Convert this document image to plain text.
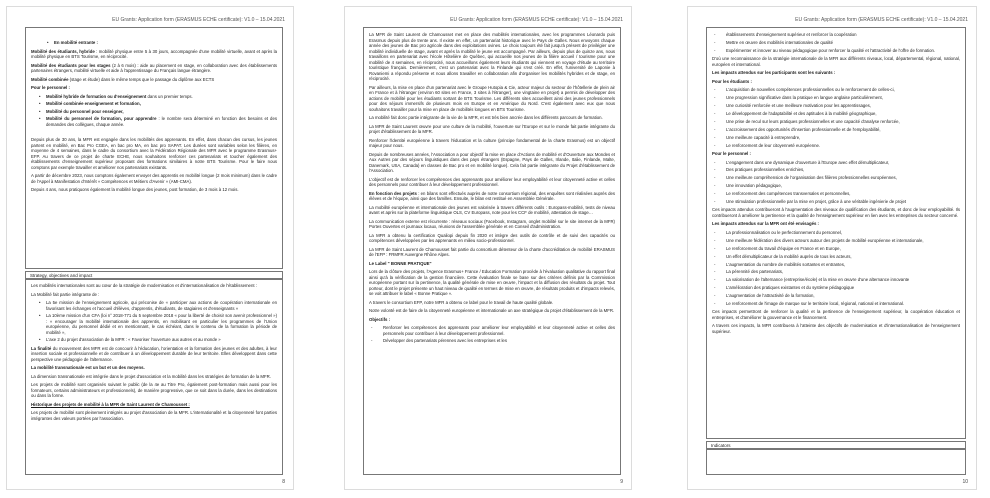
EU Grants: Application form (ERASMUS ECHE certificate): V1.0 – 15.04.2021
• En mobilité entrante :

Mobilité des étudiants, hybride : mobilité physique entre 5 à 30 jours, accompagnée d'une mobilité virtuelle, avant et après la mobilité physique en BTS Tourisme, en réciprocité.

Mobilité des étudiants pour les stages (2 à 6 mois) : aide au placement en stage, en collaboration avec des établissements partenaires étrangers, mobilité virtuelle et aide à l'apprentissage du Français langue étrangère.

Mobilité combinée (stage et étude) dans le même temps que le passage du diplôme aux ECTS

Pour le personnel :

• Mobilité hybride de formation ou d'enseignement dans un premier temps.
• Mobilité combinée enseignement et formation,
• Mobilité du personnel pour enseigner,
• Mobilité du personnel de formation, pour apprendre : le nombre sera déterminé en fonction des besoins et des demandes des collègues, chaque année.

Depuis plus de 30 ans, la MFR est engagée dans les mobilités des apprenants. En effet, dans chacun des cursus, les jeunes partent en mobilité, en Bac Pro CGEA, en bac pro MA, en bac pro SAPAT. Les durées sont variables selon les filières, en moyenne de 4 semaines, dans le cadre du consortium avec la Fédération Régionale des MFR avec le programme Erasmus+ EFP. Au travers de ce projet de charte ECHE, nous souhaitons renforcer ces partenariats et toucher également des établissements d'enseignement supérieur proposant des formations similaires à notre BTS Tourisme. Pour le faire nous comptons par exemple travailler et améliorer nos partenariats existants.

A partir de décembre 2023, nous comptons également envoyer des apprentis en mobilité longue (2 mois minimum) dans le cadre de l'Appel à Manifestation d'Intérêt « Compétences et Métiers d'Avenir » (AMI-CMA).

Depuis 4 ans, nous pratiquons également la mobilité longue des jeunes, post formation, de 3 mois à 12 mois.

Strategy, objectives and impact

Les mobilités internationales sont au cœur de la stratégie de modernisation et d'internationalisation de l'établissement :

La Mobilité fait partie intégrante de :

• La 5e mission de l'enseignement agricole, qui préconise de « participer aux actions de coopération internationale en favorisant les échanges et l'accueil d'élèves, d'apprentis, d'étudiants, de stagiaires et d'enseignants »
• La 10ème mission d'un CFA (loi n° 2018-771 du 5 septembre 2018 « pour la liberté de choisir son avenir professionnel ») : « encourager la mobilité internationale des apprentis, en mobilisant en particulier les programmes de l'Union européenne, du personnel dédié et en mentionnant, le cas échéant, dans le contenu de la formation la période de mobilité »,
• L'axe 2 du projet d'association de la MFR : « Favoriser l'ouverture aux autres et au monde »

La finalité du mouvement des MFR est de concourir à l'éducation, l'orientation et la formation des jeunes et des adultes, à leur insertion sociale et professionnelle et de contribuer à un développement durable de leur territoire. Elles développent dans cette perspective une pédagogie de l'alternance.

La mobilité transnationale est un but et un des moyens.

La dimension transnationale est intégrée dans le projet d'association et la mobilité dans les stratégies de formation de la MFR.

Les projets de mobilité sont organisés suivant le public (de la 4e au Titre Pro, également post-formation mais aussi pour les formateurs, certains administrateurs et professionnels), de manière progressive, que ce soit dans la durée, dans les destinations ou dans la forme.

Historique des projets de mobilité à la MFR de Saint Laurent de Chamousset :

Les projets de mobilité sont pleinement intégrés au projet d'association de la MFR. L'internationalité et la citoyenneté font parties intégrantes des valeurs portées par l'association.

8
EU Grants: Application form (ERASMUS ECHE certificate): V1.0 – 15.04.2021

La MFR de Saint Laurent de Chamousset met en place des mobilités internationales, avec les programmes Léonardo puis Erasmus depuis plus de trente ans. Il existe en effet, un partenariat historique avec le Pays de Galles. Nous envoyons chaque année des jeunes de Bac pro agricole dans des exploitations ovines. Le choix toujours été fait jusqu'à présent de privilégier une mobilité individuelle de stage, avant et après la mobilité le jeune est accompagné. Par ailleurs, depuis plus de quinze ans, nous travaillons en partenariat avec l'école Hôtelière de Québec, qui accueille nos jeunes de la filière accueil / tourisme pour une mobilité de 4 semaines, en réciprocité, nous accueillons également leurs étudiants qui viennent en voyage d'étude au territoire touristique français. Dernièrement, c'est un partenariat avec la Finlande qui s'est créé. En effet, l'université de Laponie à Rovaniemi a répondu présente et nous allons travailler en collaboration afin d'organiser les mobilités hybrides et de stage, en réciprocité.

Par ailleurs, la mise en place d'un partenariat avec le Groupe Hutopia & Cie, acteur majeur du secteur de l'hôtellerie de plein air en France et à l'étranger (environ 60 sites en France, 3 sites à l'étranger), une vingtaine en projet) a permis de développer des actions de mobilité pour les étudiants sortant de BTS Tourisme. Les différents sites accueillent ainsi des jeunes professionnels pour des séjours immersifs de plusieurs mois en Europe et en Amérique du Nord. C'est également avec eux que nous souhaitons travailler pour la mise en place de mobilités longues en BTS Tourisme.

La mobilité fait donc partie intégrante de la vie de la MFR, et est très bien ancrée dans les différents parcours de formation.

La MFR de Saint Laurent œuvre pour une culture de la mobilité, l'ouverture sur l'Europe et sur le monde fait partie intégrante du projet d'établissement de la MFR.

Renforcer l'identité européenne à travers l'éducation et la culture (principe fondamental de la charte Erasmus) est un objectif majeur pour nous.

Depuis de nombreuses années, l'Association a pour objectif la mise en place d'Actions de mobilité et d'Ouverture aux Mondes et Aux Autres par des séjours linguistiques dans des pays étrangers (Espagne, Pays de Galles, Irlande, Italie, Finlande, Malte, Danemark, USA, Canada) en classes de Bac pro et en mobilité longue). Cela fait partie intégrante du Projet d'établissement de l'Association.

L'objectif est de renforcer les compétences des apprenants pour améliorer leur employabilité et leur citoyenneté active et celles des personnels pour contribuer à leur développement professionnel.

En fonction des projets : en bilans sont effectués auprès de notre consortium régional, des enquêtes sont réalisées auprès des élèves et de l'équipe, ainsi que des familles. Ensuite, le bilan est restitué en Assemblée Générale.

La mobilité européenne et internationale des jeunes est valorisée à travers différents outils : Europass-mobilité, tests de niveau avant et après sur la plateforme linguistique OLS, CV Europass, note pour les CCF de mobilité, attestation de stage…

La communication externe est récurrente : réseaux sociaux (Facebook, Instagram, onglet mobilité sur le site internet de la MFR) Portes Ouvertes et journaux locaux, réunions de l'assemblée générale et en Conseil d'administration.

La MFR a obtenu la certification Qualiopi depuis fin 2020 et intègre des outils de contrôle et de suivi des capacités ou compétences développées par les apprenants en milieu socio-professionnel.

La MFR de Saint Laurent de Chamousset fait partie du consortium détenteur de la charte d'accréditation de mobilité ERASMUS de l'EFP : FRMFR Auvergne Rhône Alpes.

Le Label " BONNE PRATIQUE"

Lors de la clôture des projets, l'Agence Erasmus+ France / Education Formation procède à l'évaluation qualitative du rapport final ainsi qu'à la vérification de la gestion financière. Cette évaluation finale se base sur des critères définis par la Commission européenne portant sur la pertinence, la qualité générale de mise en œuvre, l'impact et la diffusion des résultats du projet. Tout porteur, dont le projet présente un haut niveau de qualité en termes de mise en œuvre, de résultats produits et d'impacts relevés, se voit attribuer le label « Bonne Pratique ».

A travers le consortium EFP, notre MFR a obtenu ce label pour le travail de haute qualité globale.

Notre volonté est de faire de la citoyenneté européenne et internationale un axe stratégique du projet d'établissement de la MFR.

Objectifs :

- Renforcer les compétences des apprenants pour améliorer leur employabilité et leur citoyenneté active et celles des personnels pour contribuer à leur développement professionnel.
- Développer des partenariats pérennes avec les entreprises et les
9
EU Grants: Application form (ERASMUS ECHE certificate): V1.0 – 15.04.2021
- établissements d'enseignement supérieur et renforcer la coopération
- Mettre en œuvre des mobilités internationales de qualité
- Expérimenter et innover au niveau pédagogique pour renforcer la qualité et l'attractivité de l'offre de formation.

D'où une reconnaissance de la stratégie internationale de la MFR aux différents niveaux, local, départemental, régional, national, européen et international.

Les impacts attendus sur les participants sont les suivants :

Pour les étudiants :

- L'acquisition de nouvelles compétences professionnelles ou le renforcement de celles-ci,
- Une progression significative dans la pratique en langue anglaise particulièrement,
- Une curiosité renforcée et une meilleure motivation pour les apprentissages,
- Le développement de l'adaptabilité et des aptitudes à la mobilité géographique,
- Une prise de recul sur leurs pratiques professionnelles et une capacité d'analyse renforcée,
- L'accroissement des opportunités d'insertion professionnelle et de l'employabilité,
- Une meilleure capacité à entreprendre,
- Le renforcement de leur citoyenneté européenne.

Pour le personnel :

- L'engagement dans une dynamique d'ouverture à l'Europe avec effet démultiplicateur,
- Des pratiques professionnelles enrichies,
- Une meilleure compréhension de l'organisation des filières professionnelles européennes,
- Une innovation pédagogique,
- Le renforcement des compétences transversales et personnelles,
- Une stimulation professionnelle par la mise en projet, grâce à une véritable ingénierie de projet

Ces impacts attendus contribueront à l'augmentation des niveaux de qualification des étudiants, et donc de leur employabilité. Ils contribueront à améliorer la pertinence et la qualité de l'enseignement supérieur en lien avec les entreprises du secteur concerné.

Les impacts attendus sur la MFR ont été envisagés :

- La professionnalisation ou le perfectionnement du personnel,
- Une meilleure fédération des divers acteurs autour des projets de mobilité européenne et internationale,
- Le renforcement du travail d'équipe en France et en Europe,
- Un effet démultiplicateur de la mobilité auprès de tous les acteurs,
- L'augmentation du nombre de mobilités sortantes et entrantes,
- La pérennité des partenariats,
- La valorisation de l'alternance (entreprise/école) et la mise en œuvre d'une alternance innovante
- L'amélioration des pratiques existantes et du système pédagogique
- L'augmentation de l'attractivité de la formation,
- Le renforcement de l'image de marque sur le territoire local, régional, national et international.

Ces impacts permettront de renforcer la qualité et la pertinence de l'enseignement supérieur, la coopération éducation et entreprises, et d'améliorer la gouvernance et le financement.

A travers ces impacts, la MFR contribuera à l'atteinte des objectifs de modernisation et d'internationalisation de l'enseignement supérieur.

Indicators
10
